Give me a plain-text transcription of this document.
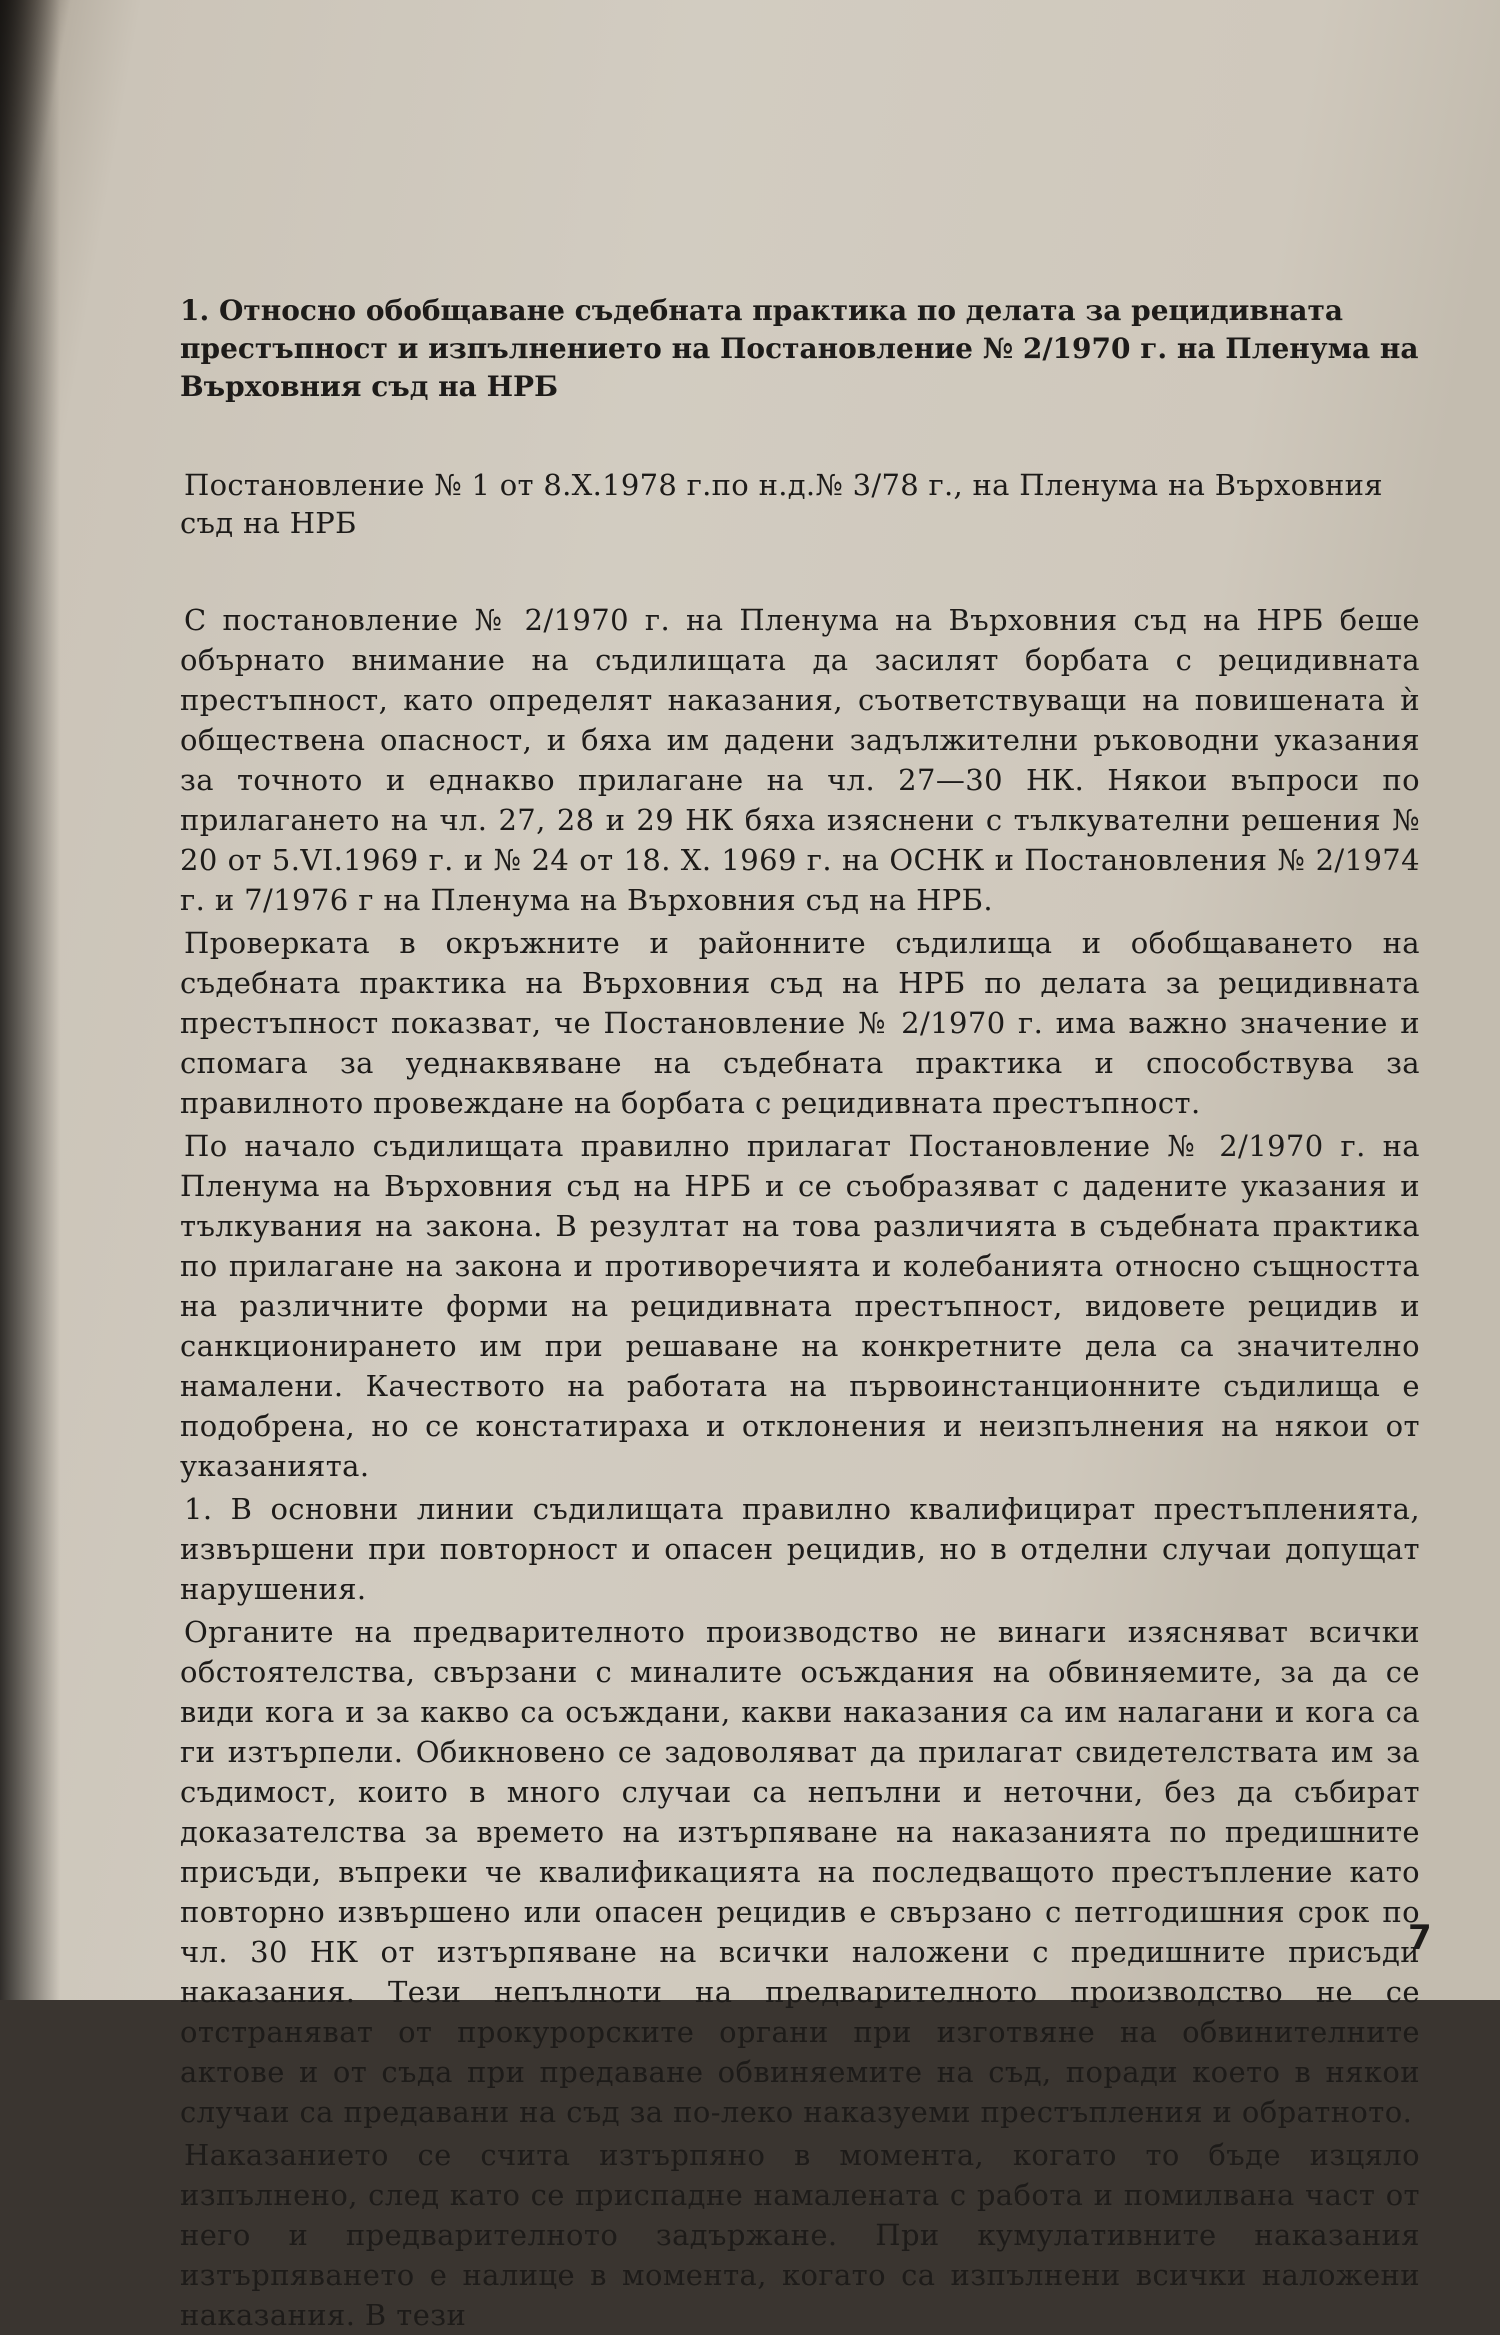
1. Относно обобщаване съдебната практика по делата за рецидивната престъпност и изпълнението на Постановление № 2/1970 г. на Пленума на Върховния съд на НРБ

Постановление № 1 от 8.X.1978 г.по н.д.№ 3/78 г., на Пленума на Върховния съд на НРБ

С постановление № 2/1970 г. на Пленума на Върховния съд на НРБ беше обърнато внимание на съдилищата да засилят борбата с рецидивната престъпност, като определят наказания, съответствуващи на повишената ѝ обществена опасност, и бяха им дадени задължителни ръководни указания за точното и еднакво прилагане на чл. 27—30 НК. Някои въпроси по прилагането на чл. 27, 28 и 29 НК бяха изяснени с тълкувателни решения № 20 от 5.VI.1969 г. и № 24 от 18. X. 1969 г. на ОСНК и Постановления № 2/1974 г. и 7/1976 г на Пленума на Върховния съд на НРБ.

Проверката в окръжните и районните съдилища и обобщаването на съдебната практика на Върховния съд на НРБ по делата за рецидивната престъпност показват, че Постановление № 2/1970 г. има важно значение и спомага за уеднаквяване на съдебната практика и способствува за правилното провеждане на борбата с рецидивната престъпност.

По начало съдилищата правилно прилагат Постановление № 2/1970 г. на Пленума на Върховния съд на НРБ и се съобразяват с дадените указания и тълкувания на закона. В резултат на това различията в съдебната практика по прилагане на закона и противоречията и колебанията относно същността на различните форми на рецидивната престъпност, видовете рецидив и санкционирането им при решаване на конкретните дела са значително намалени. Качеството на работата на първоинстанционните съдилища е подобрена, но се констатираха и отклонения и неизпълнения на някои от указанията.

1. В основни линии съдилищата правилно квалифицират престъпленията, извършени при повторност и опасен рецидив, но в отделни случаи допущат нарушения.

Органите на предварителното производство не винаги изясняват всички обстоятелства, свързани с миналите осъждания на обвиняемите, за да се види кога и за какво са осъждани, какви наказания са им налагани и кога са ги изтърпели. Обикновено се задоволяват да прилагат свидетелствата им за съдимост, които в много случаи са непълни и неточни, без да събират доказателства за времето на изтърпяване на наказанията по предишните присъди, въпреки че квалификацията на последващото престъпление като повторно извършено или опасен рецидив е свързано с петгодишния срок по чл. 30 НК от изтърпяване на всички наложени с предишните присъди наказания. Тези непълноти на предварителното производство не се отстраняват от прокурорските органи при изготвяне на обвинителните актове и от съда при предаване обвиняемите на съд, поради което в някои случаи са предавани на съд за по-леко наказуеми престъпления и обратното.

Наказанието се счита изтърпяно в момента, когато то бъде изцяло изпълнено, след като се приспадне намалената с работа и помилвана част от него и предварителното задържане. При кумулативните наказания изтърпяването е налице в момента, когато са изпълнени всички наложени наказания. В тези

7
